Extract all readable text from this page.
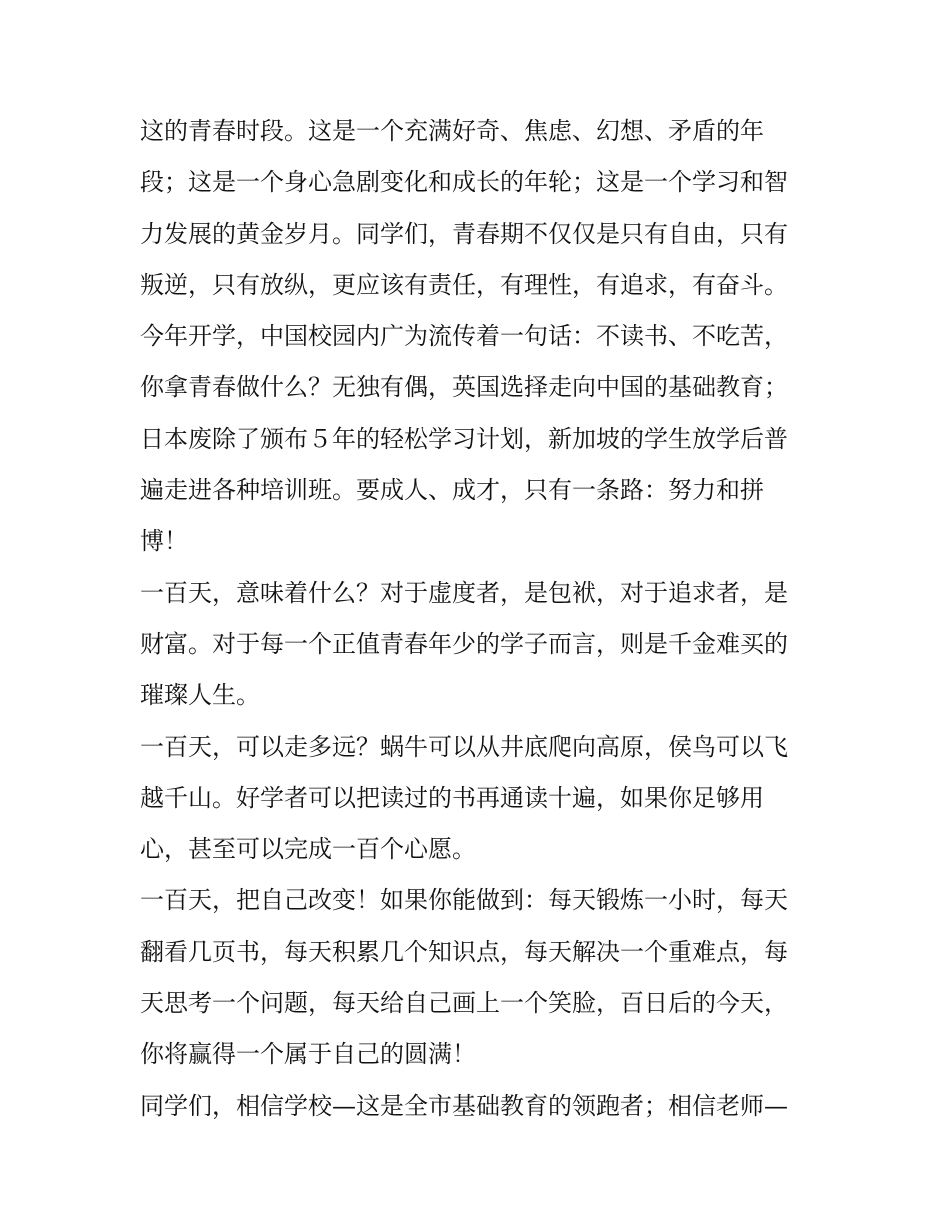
这的青春时段。这是一个充满好奇、焦虑、幻想、矛盾的年
段；这是一个身心急剧变化和成长的年轮；这是一个学习和智
力发展的黄金岁月。同学们，青春期不仅仅是只有自由，只有
叛逆，只有放纵，更应该有责任，有理性，有追求，有奋斗。
今年开学，中国校园内广为流传着一句话：不读书、不吃苦，
你拿青春做什么？无独有偶，英国选择走向中国的基础教育；
日本废除了颁布５年的轻松学习计划，新加坡的学生放学后普
遍走进各种培训班。要成人、成才，只有一条路：努力和拼
博！
一百天，意味着什么？对于虚度者，是包袱，对于追求者，是
财富。对于每一个正值青春年少的学子而言，则是千金难买的
璀璨人生。
一百天，可以走多远？蜗牛可以从井底爬向高原，侯鸟可以飞
越千山。好学者可以把读过的书再通读十遍，如果你足够用
心，甚至可以完成一百个心愿。
一百天，把自己改变！如果你能做到：每天锻炼一小时，每天
翻看几页书，每天积累几个知识点，每天解决一个重难点，每
天思考一个问题，每天给自己画上一个笑脸，百日后的今天，
你将赢得一个属于自己的圆满！
同学们，相信学校—这是全市基础教育的领跑者；相信老师—
